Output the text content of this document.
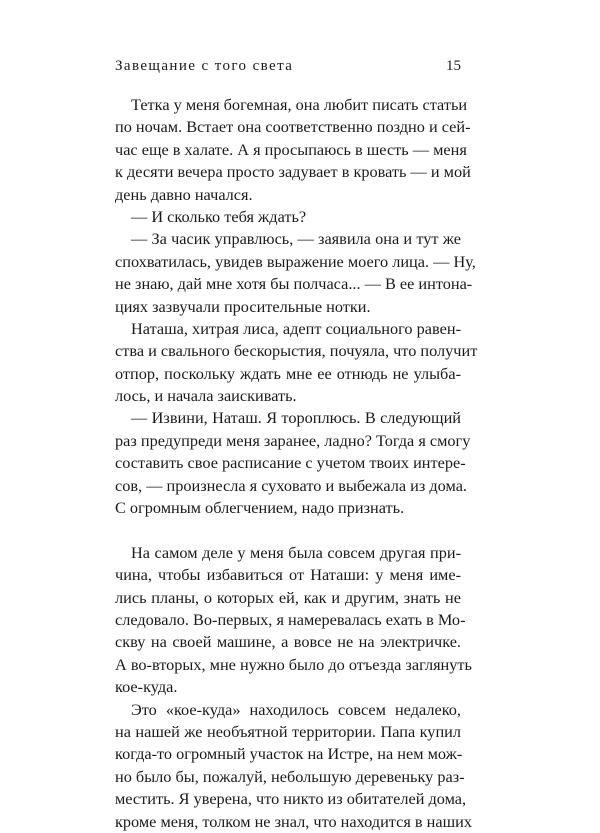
Завещание с того света	15
Тетка у меня богемная, она любит писать статьи
по ночам. Встает она соответственно поздно и сей-
час еще в халате. А я просыпаюсь в шесть — меня
к десяти вечера просто задувает в кровать — и мой
день давно начался.
— И сколько тебя ждать?
— За часик управлюсь, — заявила она и тут же
спохватилась, увидев выражение моего лица. — Ну,
не знаю, дай мне хотя бы полчаса... — В ее интона-
циях зазвучали просительные нотки.
Наташа, хитрая лиса, адепт социального равен-
ства и свального бескорыстия, почуяла, что получит
отпор, поскольку ждать мне ее отнюдь не улыба-
лось, и начала заискивать.
— Извини, Наташ. Я тороплюсь. В следующий
раз предупреди меня заранее, ладно? Тогда я смогу
составить свое расписание с учетом твоих интере-
сов, — произнесла я суховато и выбежала из дома.
С огромным облегчением, надо признать.
На самом деле у меня была совсем другая при-
чина, чтобы избавиться от Наташи: у меня име-
лись планы, о которых ей, как и другим, знать не
следовало. Во-первых, я намеревалась ехать в Мо-
скву на своей машине, а вовсе не на электричке.
А во-вторых, мне нужно было до отъезда заглянуть
кое-куда.
Это «кое-куда» находилось совсем недалеко,
на нашей же необъятной территории. Папа купил
когда-то огромный участок на Истре, на нем мож-
но было бы, пожалуй, небольшую деревеньку раз-
местить. Я уверена, что никто из обитателей дома,
кроме меня, толком не знал, что находится в наших
